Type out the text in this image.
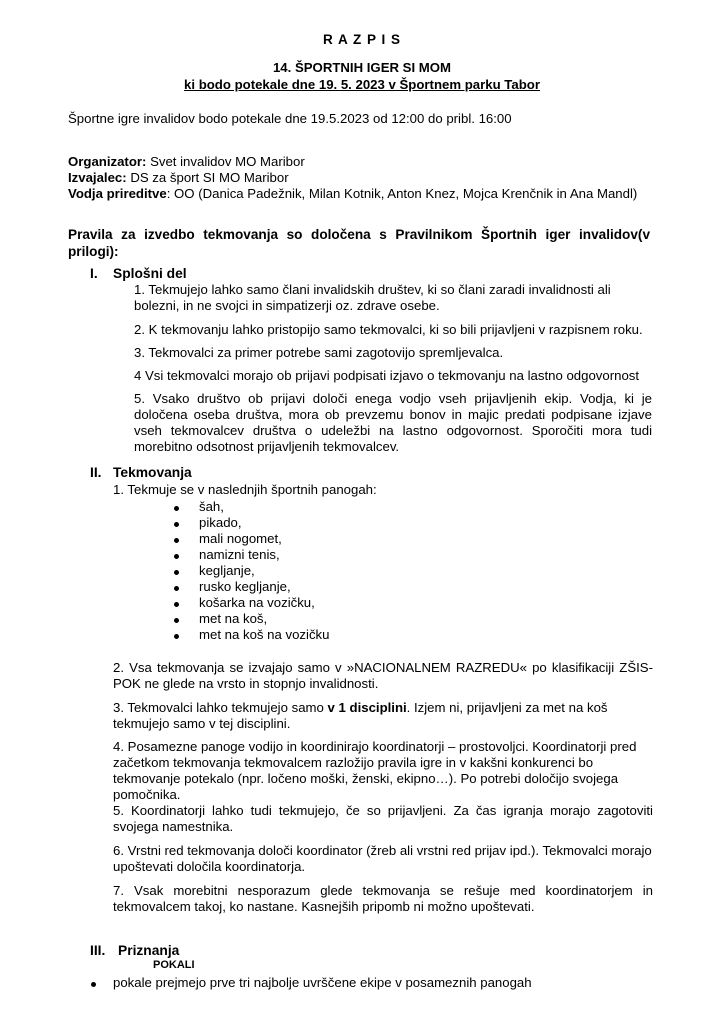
R A Z P I S
14. ŠPORTNIH IGER SI MOM
ki bodo potekale dne 19. 5. 2023 v Športnem parku Tabor
Športne igre invalidov bodo potekale dne 19.5.2023 od 12:00 do pribl. 16:00
Organizator: Svet invalidov MO Maribor
Izvajalec: DS za šport SI MO Maribor
Vodja prireditve: OO (Danica Padežnik, Milan Kotnik, Anton Knez, Mojca Krenčnik in Ana Mandl)
Pravila za izvedbo tekmovanja so določena s Pravilnikom Športnih iger invalidov(v prilogi):
I. Splošni del
1. Tekmujejo lahko samo člani invalidskih društev, ki so člani zaradi invalidnosti ali bolezni, in ne svojci in simpatizerji oz. zdrave osebe.
2. K tekmovanju lahko pristopijo samo tekmovalci, ki so bili prijavljeni v razpisnem roku.
3. Tekmovalci za primer potrebe sami zagotovijo spremljevalca.
4 Vsi tekmovalci morajo ob prijavi podpisati izjavo o tekmovanju na lastno odgovornost
5. Vsako društvo ob prijavi določi enega vodjo vseh prijavljenih ekip. Vodja, ki je določena oseba društva, mora ob prevzemu bonov in majic predati podpisane izjave vseh tekmovalcev društva o udeležbi na lastno odgovornost. Sporočiti mora tudi morebitno odsotnost prijavljenih tekmovalcev.
II. Tekmovanja
1. Tekmuje se v naslednjih športnih panogah:
šah,
pikado,
mali nogomet,
namizni tenis,
kegljanje,
rusko kegljanje,
košarka na vozičku,
met na koš,
met na koš na vozičku
2. Vsa tekmovanja se izvajajo samo v »NACIONALNEM RAZREDU« po klasifikaciji ZŠIS-POK ne glede na vrsto in stopnjo invalidnosti.
3. Tekmovalci lahko tekmujejo samo v 1 disciplini. Izjem ni, prijavljeni za met na koš tekmujejo samo v tej disciplini.
4. Posamezne panoge vodijo in koordinirajo koordinatorji – prostovoljci. Koordinatorji pred začetkom tekmovanja tekmovalcem razložijo pravila igre in v kakšni konkurenci bo tekmovanje potekalo (npr. ločeno moški, ženski, ekipno…). Po potrebi določijo svojega pomočnika.
5. Koordinatorji lahko tudi tekmujejo, če so prijavljeni. Za čas igranja morajo zagotoviti svojega namestnika.
6. Vrstni red tekmovanja določi koordinator (žreb ali vrstni red prijav ipd.). Tekmovalci morajo upoštevati določila koordinatorja.
7. Vsak morebitni nesporazum glede tekmovanja se rešuje med koordinatorjem in tekmovalcem takoj, ko nastane. Kasnejših pripomb ni možno upoštevati.
III. Priznanja
POKALI
pokale prejmejo prve tri najbolje uvrščene ekipe v posameznih panogah
